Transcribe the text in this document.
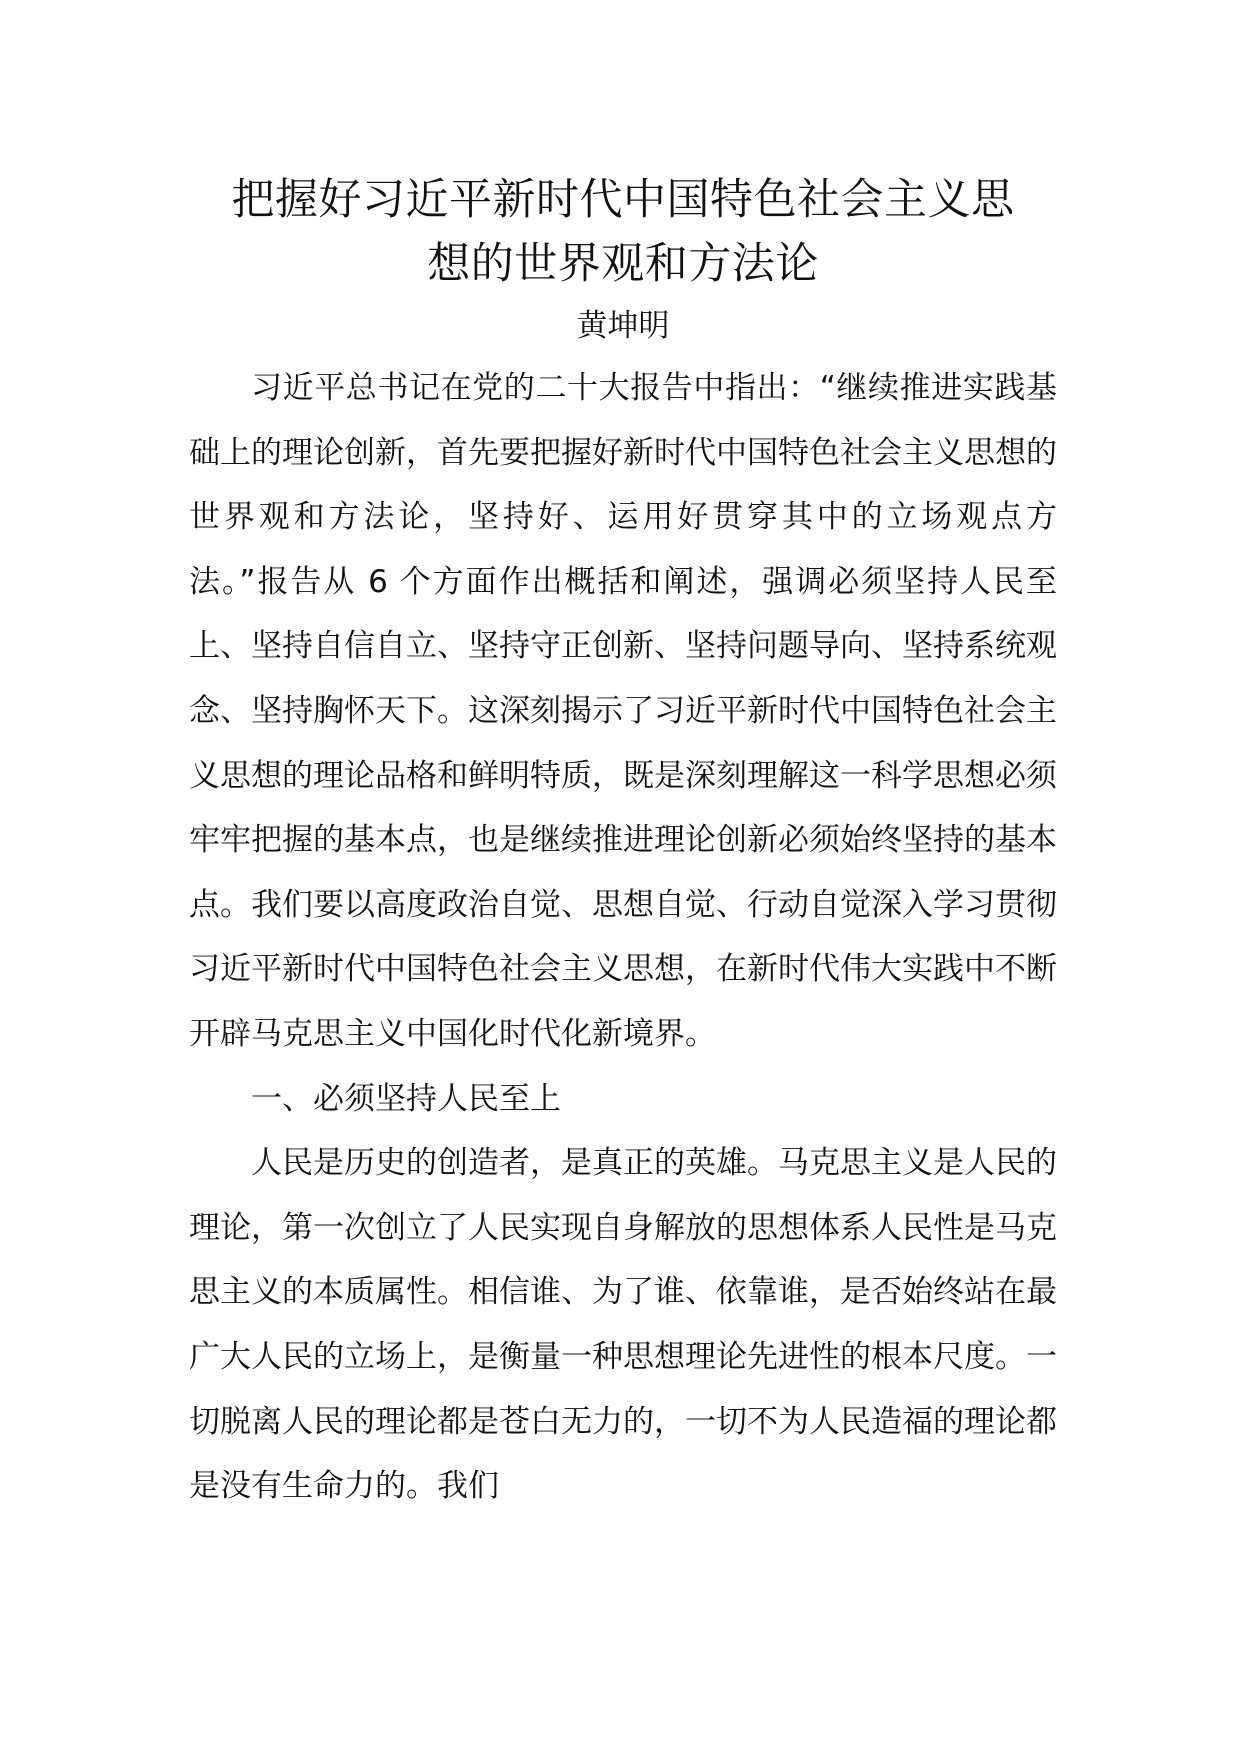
把握好习近平新时代中国特色社会主义思
想的世界观和方法论

黄坤明

习近平总书记在党的二十大报告中指出：“继续推进实践基础上的理论创新，首先要把握好新时代中国特色社会主义思想的世界观和方法论，坚持好、运用好贯穿其中的立场观点方法。”报告从 6 个方面作出概括和阐述，强调必须坚持人民至上、坚持自信自立、坚持守正创新、坚持问题导向、坚持系统观念、坚持胸怀天下。这深刻揭示了习近平新时代中国特色社会主义思想的理论品格和鲜明特质，既是深刻理解这一科学思想必须牢牢把握的基本点，也是继续推进理论创新必须始终坚持的基本点。我们要以高度政治自觉、思想自觉、行动自觉深入学习贯彻习近平新时代中国特色社会主义思想，在新时代伟大实践中不断开辟马克思主义中国化时代化新境界。

一、必须坚持人民至上

人民是历史的创造者，是真正的英雄。马克思主义是人民的理论，第一次创立了人民实现自身解放的思想体系人民性是马克思主义的本质属性。相信谁、为了谁、依靠谁，是否始终站在最广大人民的立场上，是衡量一种思想理论先进性的根本尺度。一切脱离人民的理论都是苍白无力的，一切不为人民造福的理论都是没有生命力的。我们
